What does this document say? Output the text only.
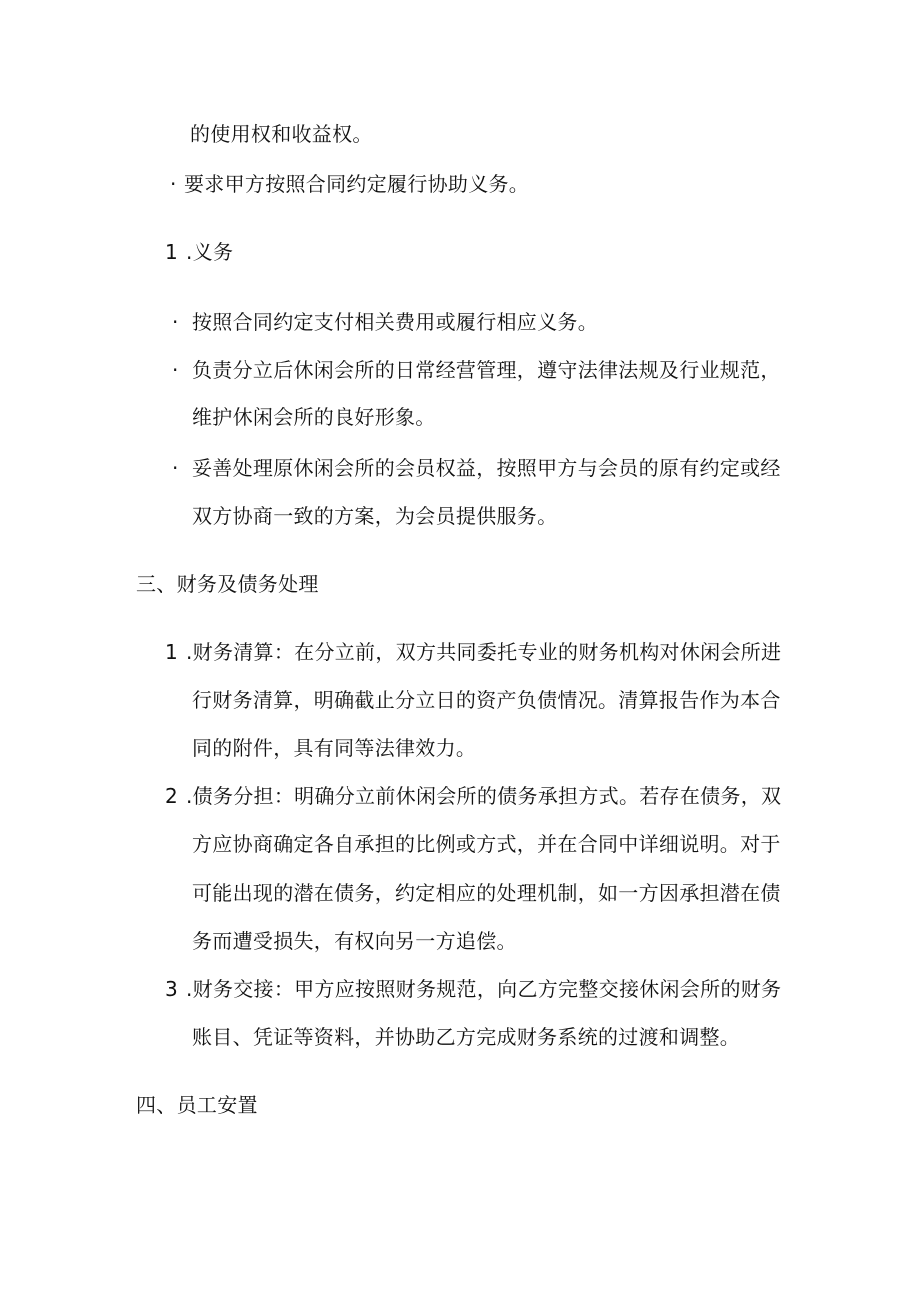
的使用权和收益权。
· 要求甲方按照合同约定履行协助义务。
1 .义务
· 按照合同约定支付相关费用或履行相应义务。
· 负责分立后休闲会所的日常经营管理，遵守法律法规及行业规范，
维护休闲会所的良好形象。
· 妥善处理原休闲会所的会员权益，按照甲方与会员的原有约定或经
双方协商一致的方案，为会员提供服务。
三、财务及债务处理
1 .财务清算：在分立前，双方共同委托专业的财务机构对休闲会所进
行财务清算，明确截止分立日的资产负债情况。清算报告作为本合
同的附件，具有同等法律效力。
2 .债务分担：明确分立前休闲会所的债务承担方式。若存在债务，双
方应协商确定各自承担的比例或方式，并在合同中详细说明。对于
可能出现的潜在债务，约定相应的处理机制，如一方因承担潜在债
务而遭受损失，有权向另一方追偿。
3 .财务交接：甲方应按照财务规范，向乙方完整交接休闲会所的财务
账目、凭证等资料，并协助乙方完成财务系统的过渡和调整。
四、员工安置
